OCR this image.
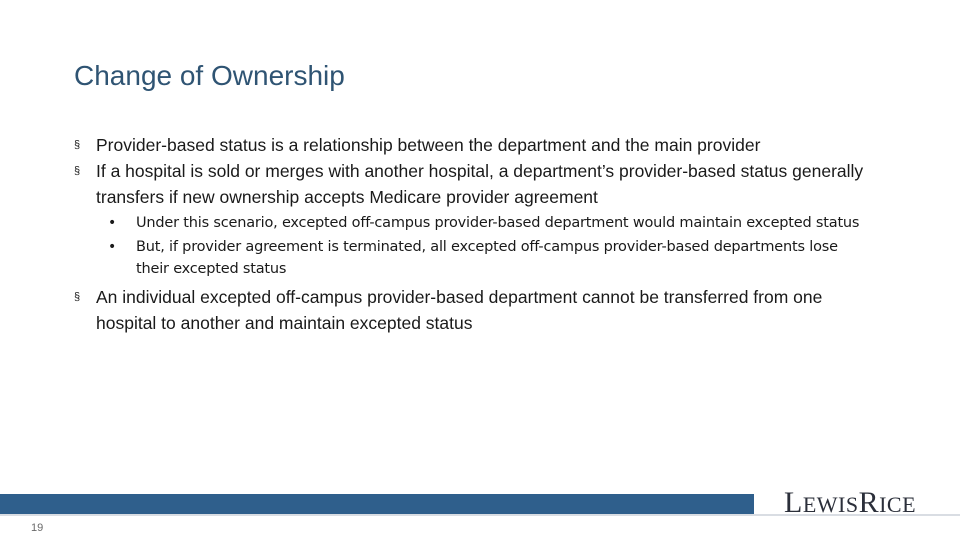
Change of Ownership
§ Provider-based status is a relationship between the department and the main provider
§ If a hospital is sold or merges with another hospital, a department’s provider-based status generally transfers if new ownership accepts Medicare provider agreement
• Under this scenario, excepted off-campus provider-based department would maintain excepted status
• But, if provider agreement is terminated, all excepted off-campus provider-based departments lose their excepted status
§ An individual excepted off-campus provider-based department cannot be transferred from one hospital to another and maintain excepted status
19
LEWISRICE
